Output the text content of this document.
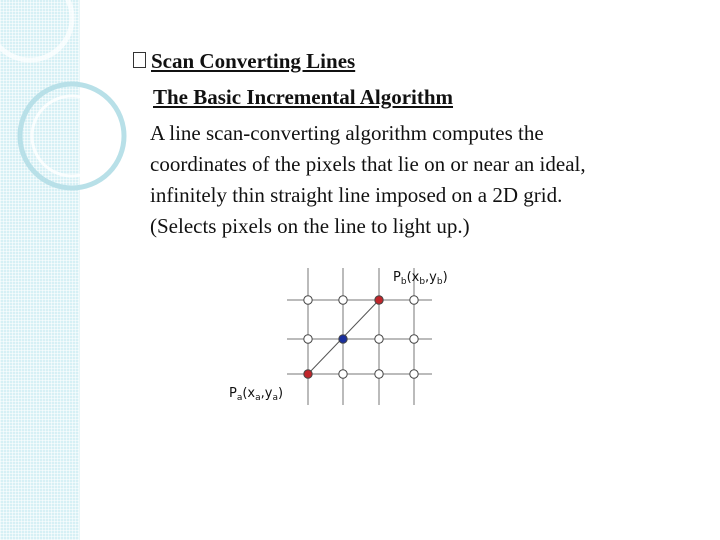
Scan Converting Lines
The Basic Incremental Algorithm
A line scan-converting algorithm computes the
coordinates of the pixels that lie on or near an ideal,
infinitely thin straight line imposed on a 2D grid.
(Selects pixels on the line to light up.)
$P_b(x_b,y_b)$
$P_a(x_a,y_a)$
